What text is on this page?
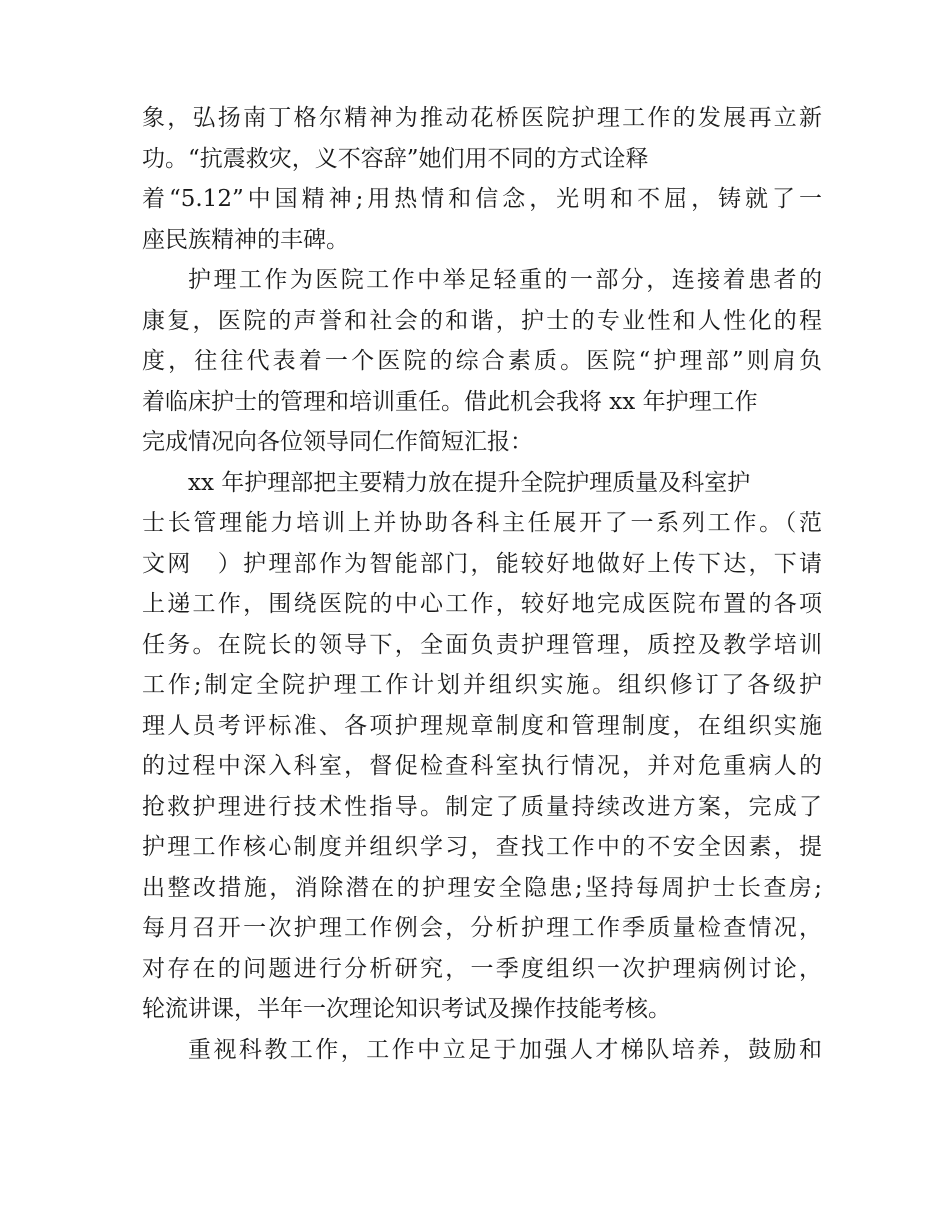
象，弘扬南丁格尔精神为推动花桥医院护理工作的发展再立新
功。“抗震救灾，义不容辞”她们用不同的方式诠释
着“5.12”中国精神;用热情和信念，光明和不屈，铸就了一
座民族精神的丰碑。
护理工作为医院工作中举足轻重的一部分，连接着患者的
康复，医院的声誉和社会的和谐，护士的专业性和人性化的程
度，往往代表着一个医院的综合素质。医院“护理部”则肩负
着临床护士的管理和培训重任。借此机会我将 xx 年护理工作
完成情况向各位领导同仁作简短汇报：
xx 年护理部把主要精力放在提升全院护理质量及科室护
士长管理能力培训上并协助各科主任展开了一系列工作。（范
文网　）护理部作为智能部门，能较好地做好上传下达，下请
上递工作，围绕医院的中心工作，较好地完成医院布置的各项
任务。在院长的领导下，全面负责护理管理，质控及教学培训
工作;制定全院护理工作计划并组织实施。组织修订了各级护
理人员考评标准、各项护理规章制度和管理制度，在组织实施
的过程中深入科室，督促检查科室执行情况，并对危重病人的
抢救护理进行技术性指导。制定了质量持续改进方案，完成了
护理工作核心制度并组织学习，查找工作中的不安全因素，提
出整改措施，消除潜在的护理安全隐患;坚持每周护士长查房;
每月召开一次护理工作例会，分析护理工作季质量检查情况，
对存在的问题进行分析研究，一季度组织一次护理病例讨论，
轮流讲课，半年一次理论知识考试及操作技能考核。
重视科教工作，工作中立足于加强人才梯队培养，鼓励和
